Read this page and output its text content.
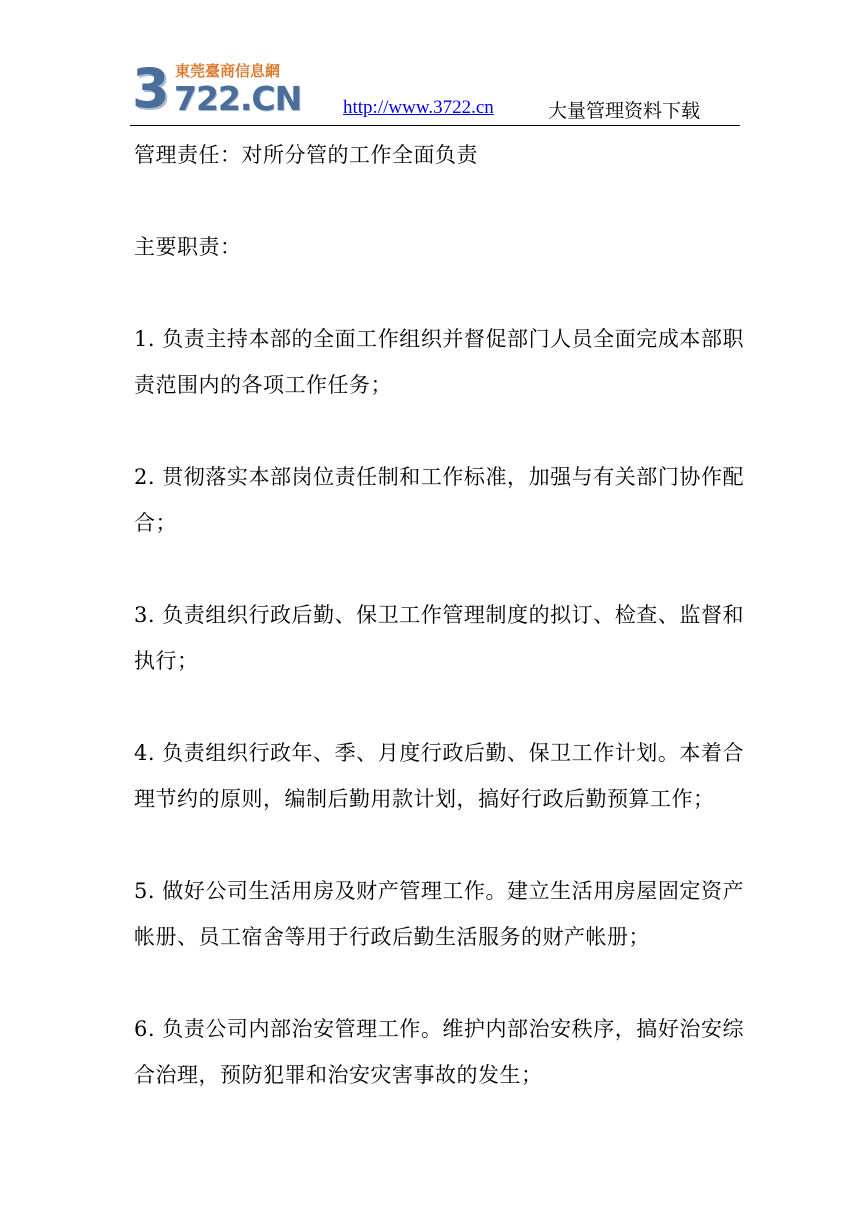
3 東莞臺商信息網
722.CN http://www.3722.cn	大量管理资料下载

管理责任：对所分管的工作全面负责

主要职责：

1. 负责主持本部的全面工作组织并督促部门人员全面完成本部职责范围内的各项工作任务；

2. 贯彻落实本部岗位责任制和工作标准，加强与有关部门协作配合；

3. 负责组织行政后勤、保卫工作管理制度的拟订、检查、监督和执行；

4. 负责组织行政年、季、月度行政后勤、保卫工作计划。本着合理节约的原则，编制后勤用款计划，搞好行政后勤预算工作；

5. 做好公司生活用房及财产管理工作。建立生活用房屋固定资产帐册、员工宿舍等用于行政后勤生活服务的财产帐册；

6. 负责公司内部治安管理工作。维护内部治安秩序，搞好治安综合治理，预防犯罪和治安灾害事故的发生；
